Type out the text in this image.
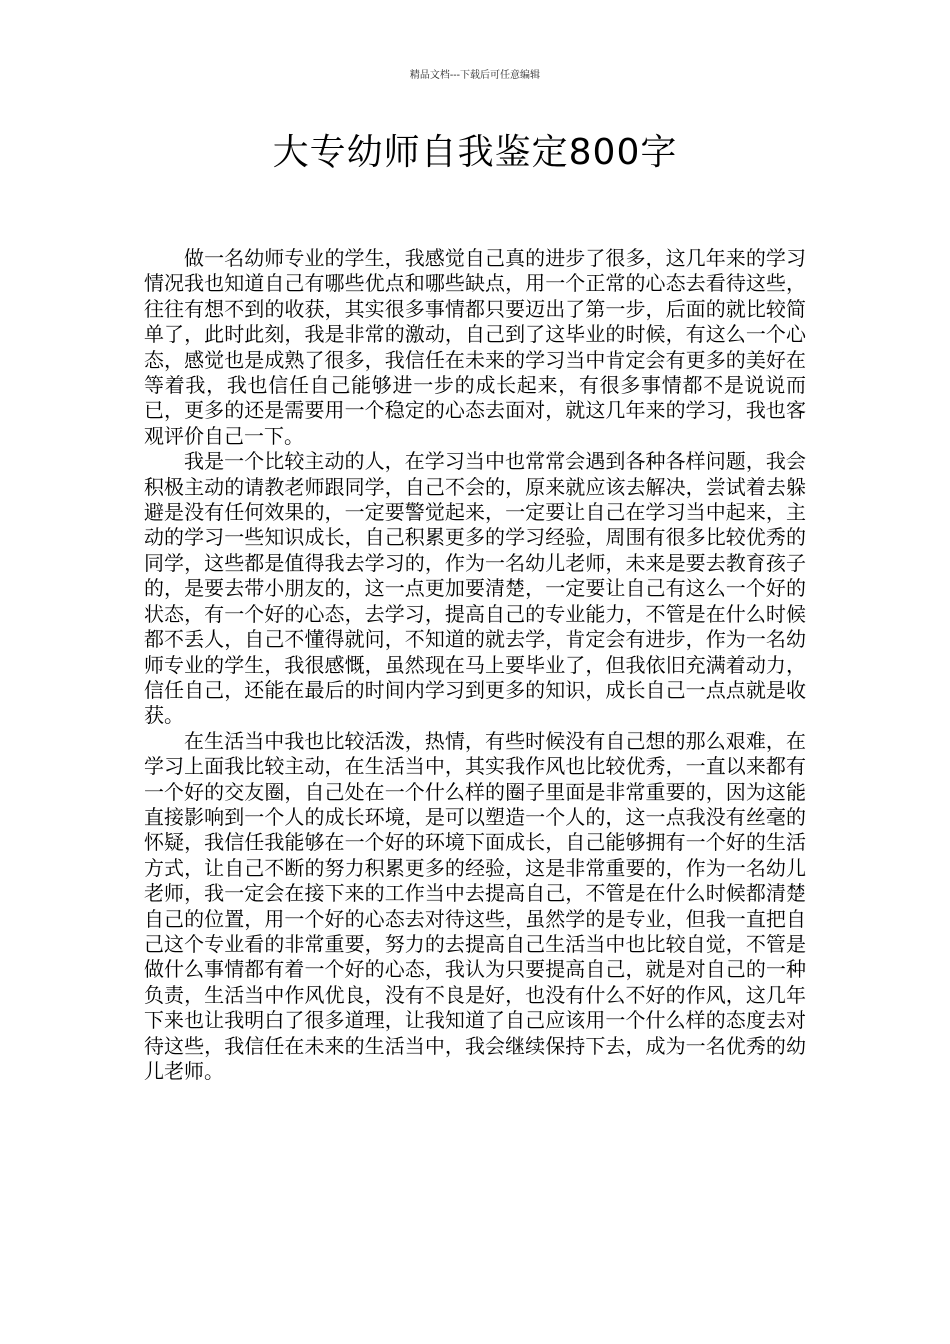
精品文档---下载后可任意编辑
大专幼师自我鉴定800字

做一名幼师专业的学生，我感觉自己真的进步了很多，这几年来的学习情况我也知道自己有哪些优点和哪些缺点，用一个正常的心态去看待这些，往往有想不到的收获，其实很多事情都只要迈出了第一步，后面的就比较简单了，此时此刻，我是非常的激动，自己到了这毕业的时候，有这么一个心态，感觉也是成熟了很多，我信任在未来的学习当中肯定会有更多的美好在等着我，我也信任自己能够进一步的成长起来，有很多事情都不是说说而已，更多的还是需要用一个稳定的心态去面对，就这几年来的学习，我也客观评价自己一下。

我是一个比较主动的人，在学习当中也常常会遇到各种各样问题，我会积极主动的请教老师跟同学，自己不会的，原来就应该去解决，尝试着去躲避是没有任何效果的，一定要警觉起来，一定要让自己在学习当中起来，主动的学习一些知识成长，自己积累更多的学习经验，周围有很多比较优秀的同学，这些都是值得我去学习的，作为一名幼儿老师，未来是要去教育孩子的，是要去带小朋友的，这一点更加要清楚，一定要让自己有这么一个好的状态，有一个好的心态，去学习，提高自己的专业能力，不管是在什么时候都不丢人，自己不懂得就问，不知道的就去学，肯定会有进步，作为一名幼师专业的学生，我很感慨，虽然现在马上要毕业了，但我依旧充满着动力，信任自己，还能在最后的时间内学习到更多的知识，成长自己一点点就是收获。

在生活当中我也比较活泼，热情，有些时候没有自己想的那么艰难，在学习上面我比较主动，在生活当中，其实我作风也比较优秀，一直以来都有一个好的交友圈，自己处在一个什么样的圈子里面是非常重要的，因为这能直接影响到一个人的成长环境，是可以塑造一个人的，这一点我没有丝毫的怀疑，我信任我能够在一个好的环境下面成长，自己能够拥有一个好的生活方式，让自己不断的努力积累更多的经验，这是非常重要的，作为一名幼儿老师，我一定会在接下来的工作当中去提高自己，不管是在什么时候都清楚自己的位置，用一个好的心态去对待这些，虽然学的是专业，但我一直把自己这个专业看的非常重要，努力的去提高自己生活当中也比较自觉，不管是做什么事情都有着一个好的心态，我认为只要提高自己，就是对自己的一种负责，生活当中作风优良，没有不良是好，也没有什么不好的作风，这几年下来也让我明白了很多道理，让我知道了自己应该用一个什么样的态度去对待这些，我信任在未来的生活当中，我会继续保持下去，成为一名优秀的幼儿老师。
